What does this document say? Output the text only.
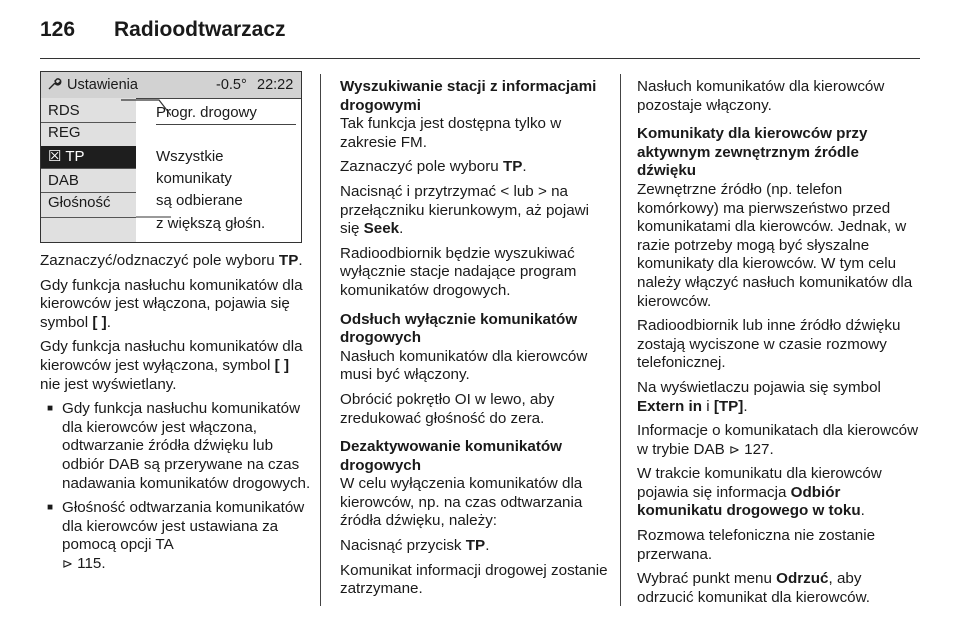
126 Radioodtwarzacz
Ustawienia	-0.5° 22:22
RDS
REG
☒ TP
DAB
Głośność
Progr. drogowy
Wszystkie
komunikaty
są odbierane
z większą głośn.

Zaznaczyć/odznaczyć pole wyboru TP.

Gdy funkcja nasłuchu komunikatów dla kierowców jest włączona, pojawia się symbol [ ].

Gdy funkcja nasłuchu komunikatów dla kierowców jest wyłączona, symbol [ ] nie jest wyświetlany.

■ Gdy funkcja nasłuchu komunikatów dla kierowców jest włączona, odtwarzanie źródła dźwięku lub odbiór DAB są przerywane na czas nadawania komunikatów drogowych.
■ Głośność odtwarzania komunikatów dla kierowców jest ustawiana za pomocą opcji TA
⊳ 115.
Wyszukiwanie stacji z informacjami drogowymi

Tak funkcja jest dostępna tylko w zakresie FM.

Zaznaczyć pole wyboru TP.

Nacisnąć i przytrzymać < lub > na przełączniku kierunkowym, aż pojawi się Seek.

Radioodbiornik będzie wyszukiwać wyłącznie stacje nadające program komunikatów drogowych.

Odsłuch wyłącznie komunikatów drogowych

Nasłuch komunikatów dla kierowców musi być włączony.

Obrócić pokrętło OI w lewo, aby zredukować głośność do zera.

Dezaktywowanie komunikatów drogowych

W celu wyłączenia komunikatów dla kierowców, np. na czas odtwarzania źródła dźwięku, należy:

Nacisnąć przycisk TP.

Komunikat informacji drogowej zostanie zatrzymane.

Nasłuch komunikatów dla kierowców pozostaje włączony.

Komunikaty dla kierowców przy aktywnym zewnętrznym źródle dźwięku

Zewnętrzne źródło (np. telefon komórkowy) ma pierwszeństwo przed komunikatami dla kierowców. Jednak, w razie potrzeby mogą być słyszalne komunikaty dla kierowców. W tym celu należy włączyć nasłuch komunikatów dla kierowców.

Radioodbiornik lub inne źródło dźwięku zostają wyciszone w czasie rozmowy telefonicznej.

Na wyświetlaczu pojawia się symbol Extern in i [TP].

Informacje o komunikatach dla kierowców w trybie DAB ⊳ 127.

W trakcie komunikatu dla kierowców pojawia się informacja Odbiór komunikatu drogowego w toku.

Rozmowa telefoniczna nie zostanie przerwana.

Wybrać punkt menu Odrzuć, aby odrzucić komunikat dla kierowców.
